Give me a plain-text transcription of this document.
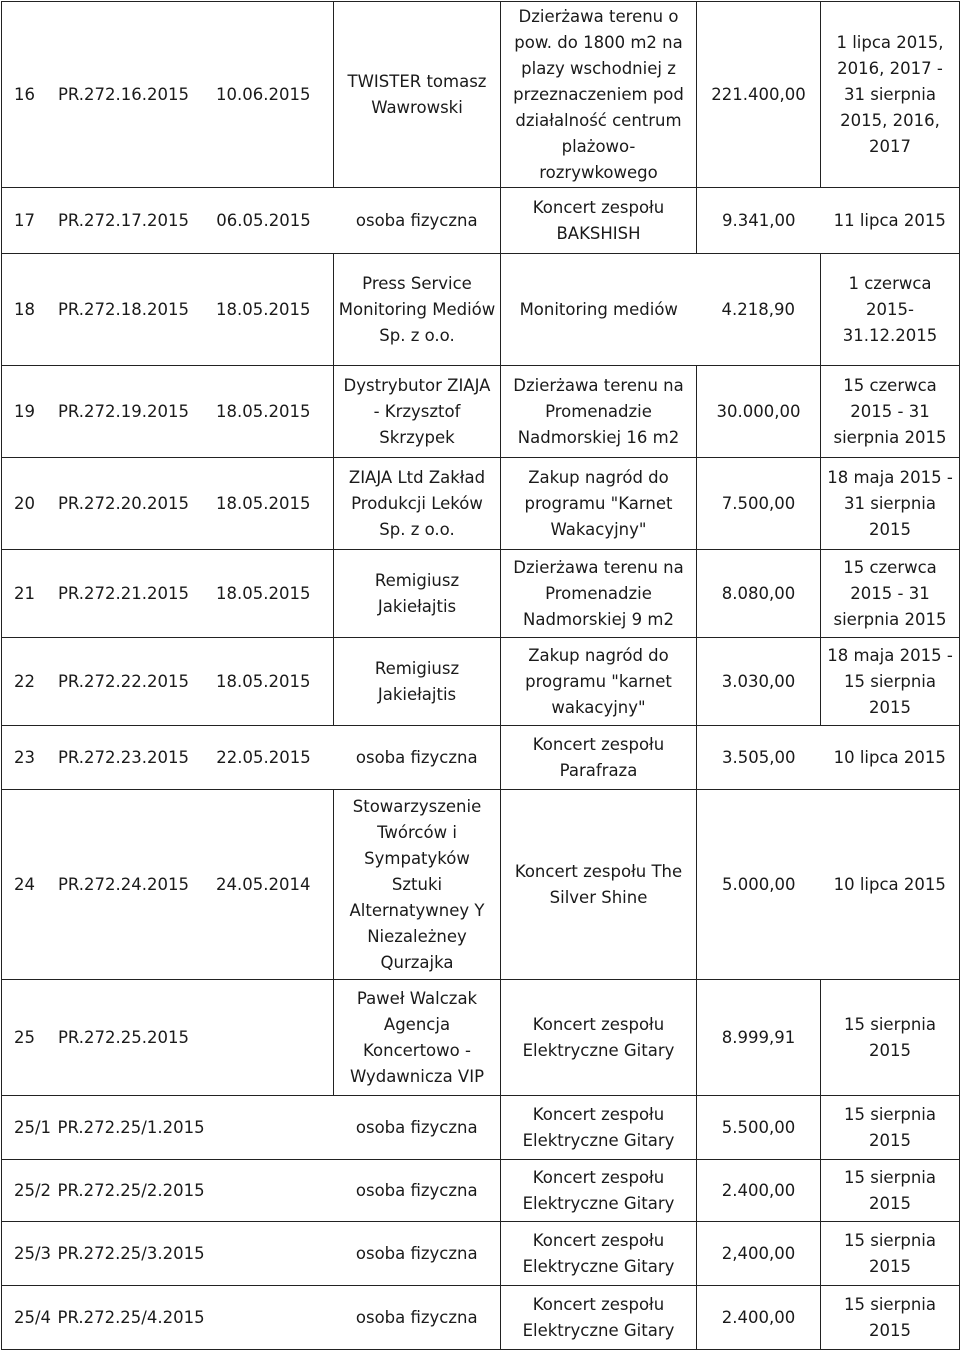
16	PR.272.16.2015	10.06.2015	TWISTER tomasz Wawrowski	Dzierżawa terenu o pow. do 1800 m2 na plazy wschodniej z przeznaczeniem pod działalność centrum plażowo-rozrywkowego	221.400,00	1 lipca 2015, 2016, 2017 - 31 sierpnia 2015, 2016, 2017
17	PR.272.17.2015	06.05.2015	osoba fizyczna	Koncert zespołu BAKSHISH	9.341,00	11 lipca 2015
18	PR.272.18.2015	18.05.2015	Press Service Monitoring Mediów Sp. z o.o.	Monitoring mediów	4.218,90	1 czerwca 2015-31.12.2015
19	PR.272.19.2015	18.05.2015	Dystrybutor ZIAJA - Krzysztof Skrzypek	Dzierżawa terenu na Promenadzie Nadmorskiej 16 m2	30.000,00	15 czerwca 2015 - 31 sierpnia 2015
20	PR.272.20.2015	18.05.2015	ZIAJA Ltd Zakład Produkcji Leków Sp. z o.o.	Zakup nagród do programu "Karnet Wakacyjny"	7.500,00	18 maja 2015 - 31 sierpnia 2015
21	PR.272.21.2015	18.05.2015	Remigiusz Jakiełajtis	Dzierżawa terenu na Promenadzie Nadmorskiej 9 m2	8.080,00	15 czerwca 2015 - 31 sierpnia 2015
22	PR.272.22.2015	18.05.2015	Remigiusz Jakiełajtis	Zakup nagród do programu "karnet wakacyjny"	3.030,00	18 maja 2015 - 15 sierpnia 2015
23	PR.272.23.2015	22.05.2015	osoba fizyczna	Koncert zespołu Parafraza	3.505,00	10 lipca 2015
24	PR.272.24.2015	24.05.2014	Stowarzyszenie Twórców i Sympatyków Sztuki Alternatywney Y Niezależney Qurzajka	Koncert zespołu The Silver Shine	5.000,00	10 lipca 2015
25	PR.272.25.2015		Paweł Walczak Agencja Koncertowo - Wydawnicza VIP	Koncert zespołu Elektryczne Gitary	8.999,91	15 sierpnia 2015
25/1	PR.272.25/1.2015		osoba fizyczna	Koncert zespołu Elektryczne Gitary	5.500,00	15 sierpnia 2015
25/2	PR.272.25/2.2015		osoba fizyczna	Koncert zespołu Elektryczne Gitary	2.400,00	15 sierpnia 2015
25/3	PR.272.25/3.2015		osoba fizyczna	Koncert zespołu Elektryczne Gitary	2,400,00	15 sierpnia 2015
25/4	PR.272.25/4.2015		osoba fizyczna	Koncert zespołu Elektryczne Gitary	2.400,00	15 sierpnia 2015
